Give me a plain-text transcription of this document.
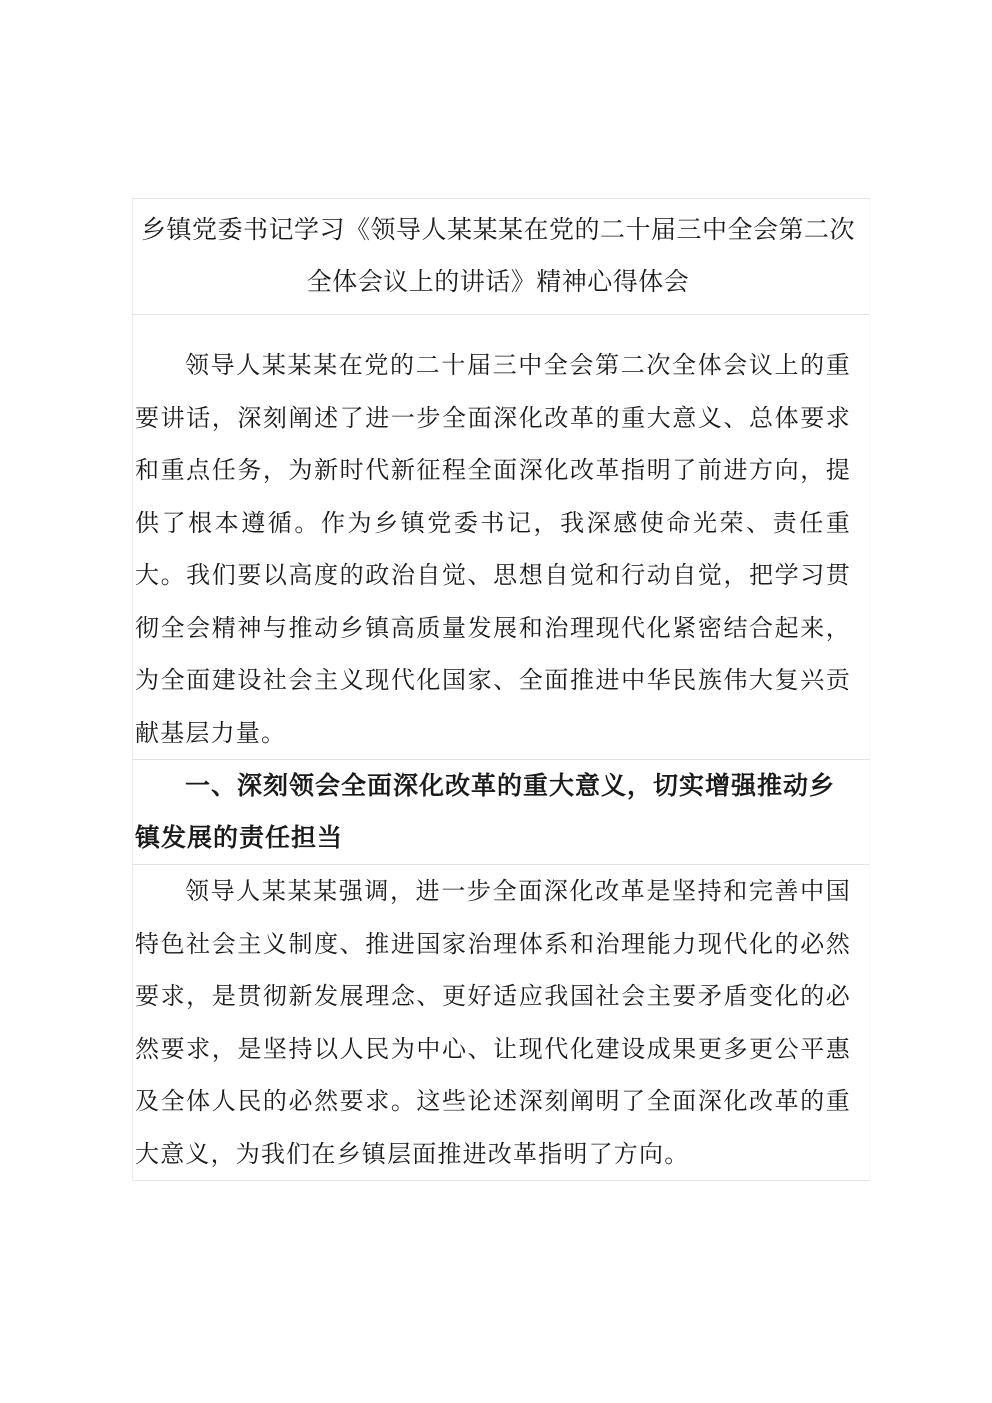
乡镇党委书记学习《领导人某某某在党的二十届三中全会第二次全体会议上的讲话》精神心得体会
领导人某某某在党的二十届三中全会第二次全体会议上的重要讲话，深刻阐述了进一步全面深化改革的重大意义、总体要求和重点任务，为新时代新征程全面深化改革指明了前进方向，提供了根本遵循。作为乡镇党委书记，我深感使命光荣、责任重大。我们要以高度的政治自觉、思想自觉和行动自觉，把学习贯彻全会精神与推动乡镇高质量发展和治理现代化紧密结合起来，为全面建设社会主义现代化国家、全面推进中华民族伟大复兴贡献基层力量。
一、深刻领会全面深化改革的重大意义，切实增强推动乡镇发展的责任担当
领导人某某某强调，进一步全面深化改革是坚持和完善中国特色社会主义制度、推进国家治理体系和治理能力现代化的必然要求，是贯彻新发展理念、更好适应我国社会主要矛盾变化的必然要求，是坚持以人民为中心、让现代化建设成果更多更公平惠及全体人民的必然要求。这些论述深刻阐明了全面深化改革的重大意义，为我们在乡镇层面推进改革指明了方向。
